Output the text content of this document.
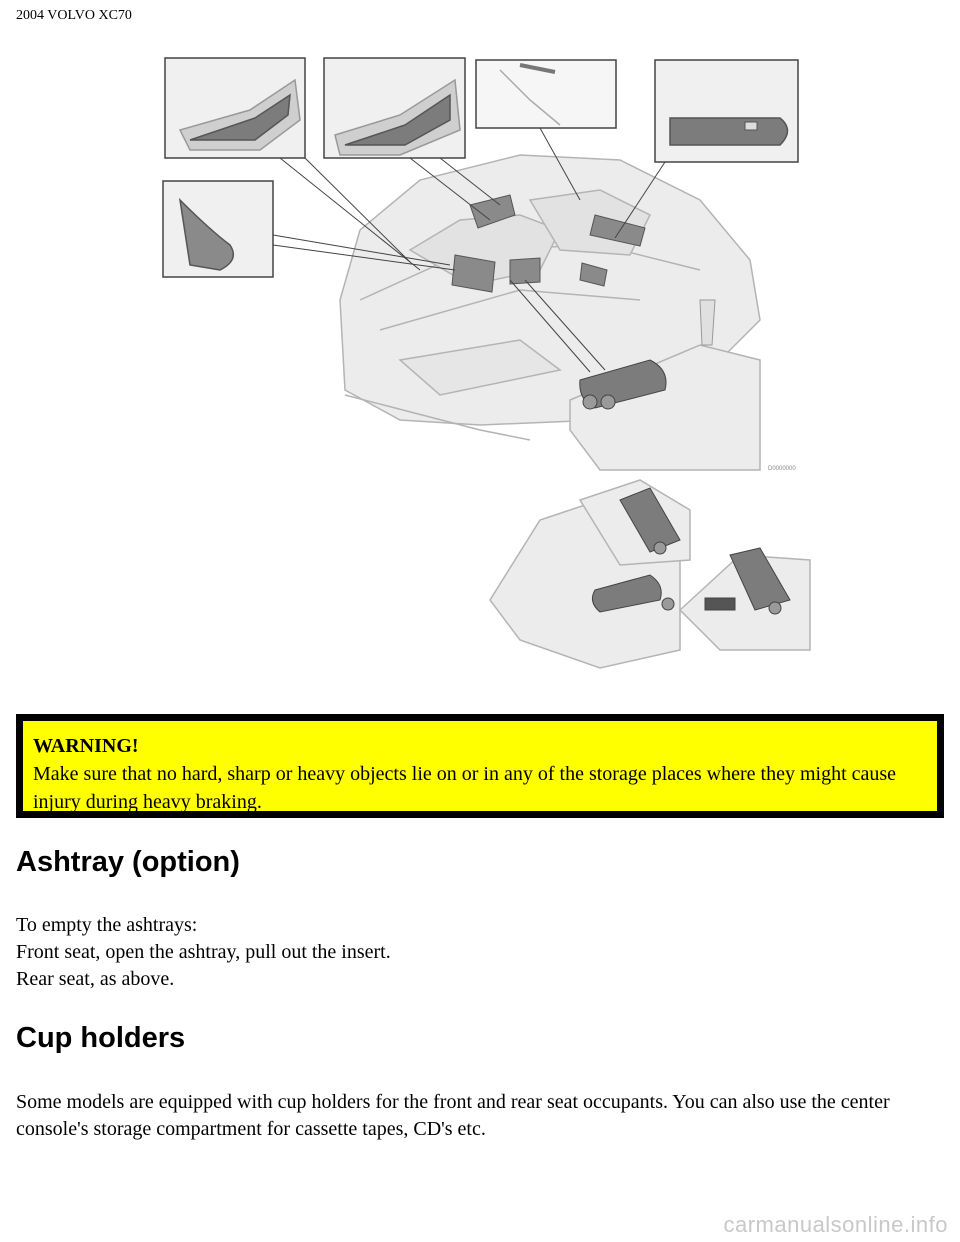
2004 VOLVO XC70
D0000000
WARNING!
Make sure that no hard, sharp or heavy objects lie on or in any of the storage places where they might cause injury during heavy braking.
Ashtray (option)
To empty the ashtrays:
Front seat, open the ashtray, pull out the insert.
Rear seat, as above.
Cup holders
Some models are equipped with cup holders for the front and rear seat occupants. You can also use the center console's storage compartment for cassette tapes, CD's etc.
carmanualsonline.info
